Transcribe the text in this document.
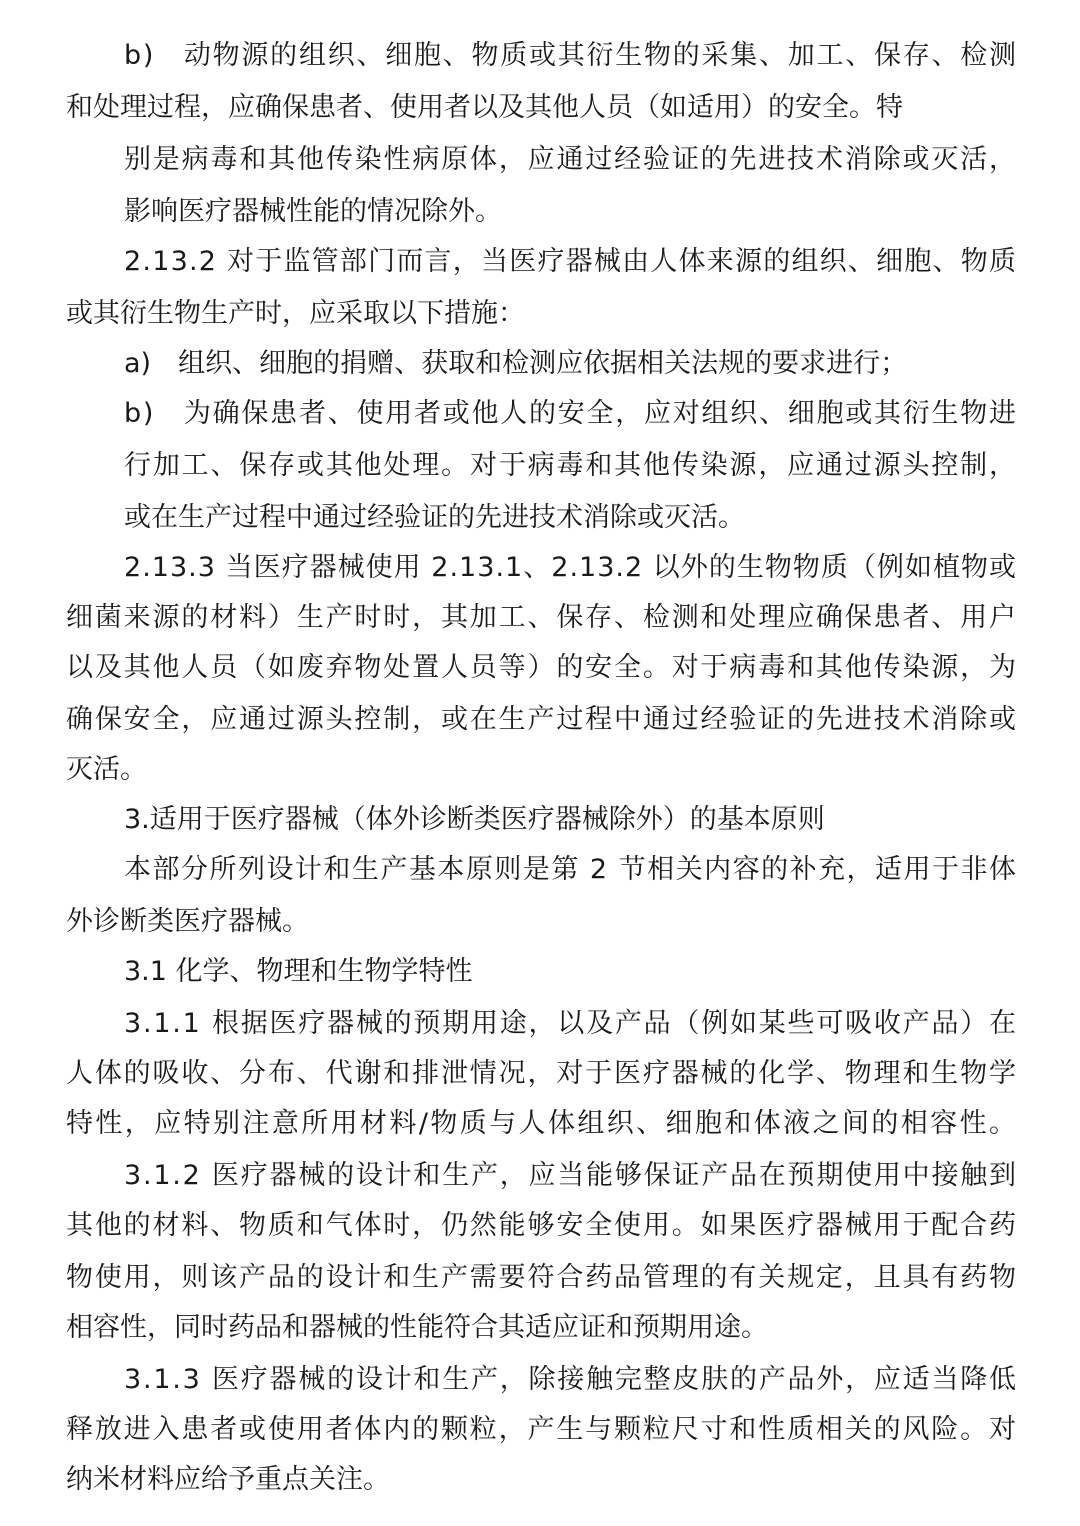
b)　动物源的组织、细胞、物质或其衍生物的采集、加工、保存、检测
和处理过程，应确保患者、使用者以及其他人员（如适用）的安全。特
别是病毒和其他传染性病原体，应通过经验证的先进技术消除或灭活，
影响医疗器械性能的情况除外。
2.13.2 对于监管部门而言，当医疗器械由人体来源的组织、细胞、物质
或其衍生物生产时，应采取以下措施：
a)　组织、细胞的捐赠、获取和检测应依据相关法规的要求进行；
b)　为确保患者、使用者或他人的安全，应对组织、细胞或其衍生物进
行加工、保存或其他处理。对于病毒和其他传染源，应通过源头控制，
或在生产过程中通过经验证的先进技术消除或灭活。
2.13.3 当医疗器械使用 2.13.1、2.13.2 以外的生物物质（例如植物或
细菌来源的材料）生产时时，其加工、保存、检测和处理应确保患者、用户
以及其他人员（如废弃物处置人员等）的安全。对于病毒和其他传染源，为
确保安全，应通过源头控制，或在生产过程中通过经验证的先进技术消除或
灭活。
3.适用于医疗器械（体外诊断类医疗器械除外）的基本原则
本部分所列设计和生产基本原则是第 2 节相关内容的补充，适用于非体
外诊断类医疗器械。
3.1 化学、物理和生物学特性
3.1.1 根据医疗器械的预期用途，以及产品（例如某些可吸收产品）在
人体的吸收、分布、代谢和排泄情况，对于医疗器械的化学、物理和生物学
特性，应特别注意所用材料/物质与人体组织、细胞和体液之间的相容性。
3.1.2 医疗器械的设计和生产，应当能够保证产品在预期使用中接触到
其他的材料、物质和气体时，仍然能够安全使用。如果医疗器械用于配合药
物使用，则该产品的设计和生产需要符合药品管理的有关规定，且具有药物
相容性，同时药品和器械的性能符合其适应证和预期用途。
3.1.3 医疗器械的设计和生产，除接触完整皮肤的产品外，应适当降低
释放进入患者或使用者体内的颗粒，产生与颗粒尺寸和性质相关的风险。对
纳米材料应给予重点关注。
